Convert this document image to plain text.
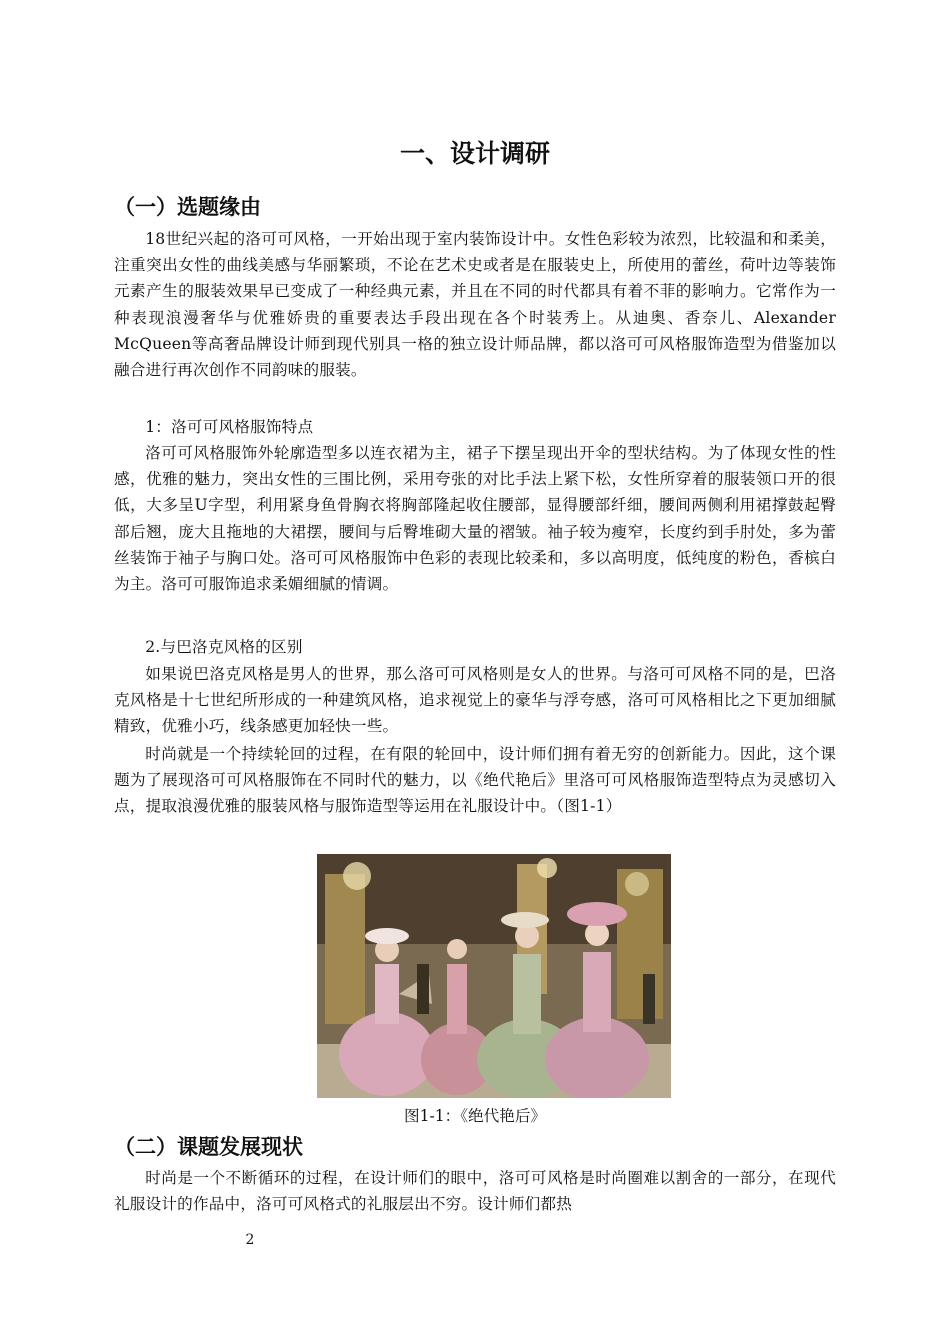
一、设计调研
（一）选题缘由

18世纪兴起的洛可可风格，一开始出现于室内装饰设计中。女性色彩较为浓烈，比较温和和柔美，注重突出女性的曲线美感与华丽繁琐，不论在艺术史或者是在服装史上，所使用的蕾丝，荷叶边等装饰元素产生的服装效果早已变成了一种经典元素，并且在不同的时代都具有着不菲的影响力。它常作为一种表现浪漫奢华与优雅娇贵的重要表达手段出现在各个时装秀上。从迪奥、香奈儿、Alexander McQueen等高奢品牌设计师到现代别具一格的独立设计师品牌，都以洛可可风格服饰造型为借鉴加以融合进行再次创作不同韵味的服装。

1：洛可可风格服饰特点

洛可可风格服饰外轮廓造型多以连衣裙为主，裙子下摆呈现出开伞的型状结构。为了体现女性的性感，优雅的魅力，突出女性的三围比例，采用夸张的对比手法上紧下松，女性所穿着的服装领口开的很低，大多呈U字型，利用紧身鱼骨胸衣将胸部隆起收住腰部，显得腰部纤细，腰间两侧利用裙撑鼓起臀部后翘，庞大且拖地的大裙摆，腰间与后臀堆砌大量的褶皱。袖子较为瘦窄，长度约到手肘处，多为蕾丝装饰于袖子与胸口处。洛可可风格服饰中色彩的表现比较柔和，多以高明度，低纯度的粉色，香槟白为主。洛可可服饰追求柔媚细腻的情调。

2.与巴洛克风格的区别

如果说巴洛克风格是男人的世界，那么洛可可风格则是女人的世界。与洛可可风格不同的是，巴洛克风格是十七世纪所形成的一种建筑风格，追求视觉上的豪华与浮夸感，洛可可风格相比之下更加细腻精致，优雅小巧，线条感更加轻快一些。

时尚就是一个持续轮回的过程，在有限的轮回中，设计师们拥有着无穷的创新能力。因此，这个课题为了展现洛可可风格服饰在不同时代的魅力，以《绝代艳后》里洛可可风格服饰造型特点为灵感切入点，提取浪漫优雅的服装风格与服饰造型等运用在礼服设计中。（图1-1）

图1-1：《绝代艳后》
（二）课题发展现状

时尚是一个不断循环的过程，在设计师们的眼中，洛可可风格是时尚圈难以割舍的一部分，在现代礼服设计的作品中，洛可可风格式的礼服层出不穷。设计师们都热

2
